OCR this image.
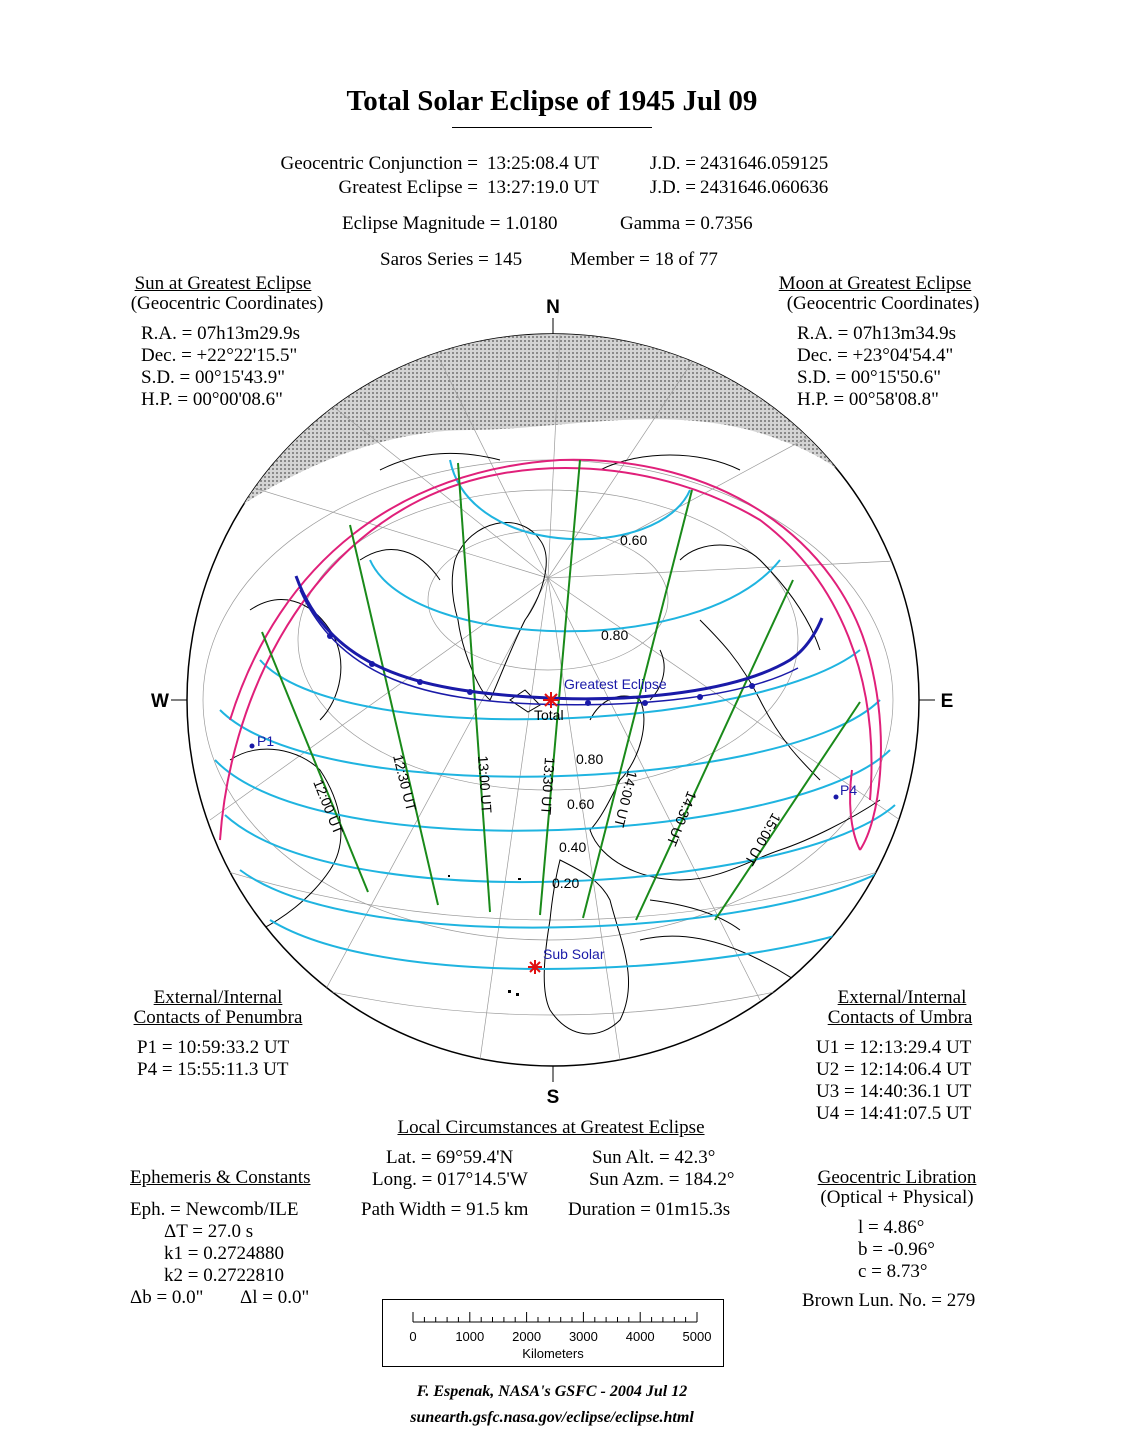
Total Solar Eclipse of 1945 Jul 09
Geocentric Conjunction = 13:25:08.4 UT	J.D. = 2431646.059125
Greatest Eclipse = 13:27:19.0 UT	J.D. = 2431646.060636
Eclipse Magnitude = 1.0180	Gamma = 0.7356
Saros Series = 145	Member = 18 of 77
Sun at Greatest Eclipse
(Geocentric Coordinates)
R.A. = 07h13m29.9s
Dec. = +22°22'15.5"
S.D. = 00°15'43.9"
H.P. = 00°00'08.6"
Moon at Greatest Eclipse
(Geocentric Coordinates)
R.A. = 07h13m34.9s
Dec. = +23°04'54.4"
S.D. = 00°15'50.6"
H.P. = 00°58'08.8"
N
S
W	E
Greatest Eclipse
Total
Sub Solar
P1
P4
0.60
0.80
0.80
0.60
0.40
0.20
12:00 UT	12:30 UT	13:00 UT	13:30 UT	14:00 UT 14:30 UT	15:00 UT
External/Internal
Contacts of Penumbra
P1 = 10:59:33.2 UT
P4 = 15:55:11.3 UT
External/Internal
Contacts of Umbra
U1 = 12:13:29.4 UT
U2 = 12:14:06.4 UT
U3 = 14:40:36.1 UT
U4 = 14:41:07.5 UT
Local Circumstances at Greatest Eclipse
Lat. = 69°59.4'N
Long. = 017°14.5'W
Sun Alt. = 42.3°
Sun Azm. = 184.2°
Path Width = 91.5 km Duration = 01m15.3s
Ephemeris & Constants
Eph. = Newcomb/ILE
ΔT = 27.0 s
k1 = 0.2724880
k2 = 0.2722810
Δb = 0.0" Δl = 0.0"
Geocentric Libration
(Optical + Physical)
l = 4.86°
b = -0.96°
c = 8.73°
Brown Lun. No. = 279
0	1000 2000 3000 4000 5000
Kilometers
F. Espenak, NASA's GSFC - 2004 Jul 12
sunearth.gsfc.nasa.gov/eclipse/eclipse.html
